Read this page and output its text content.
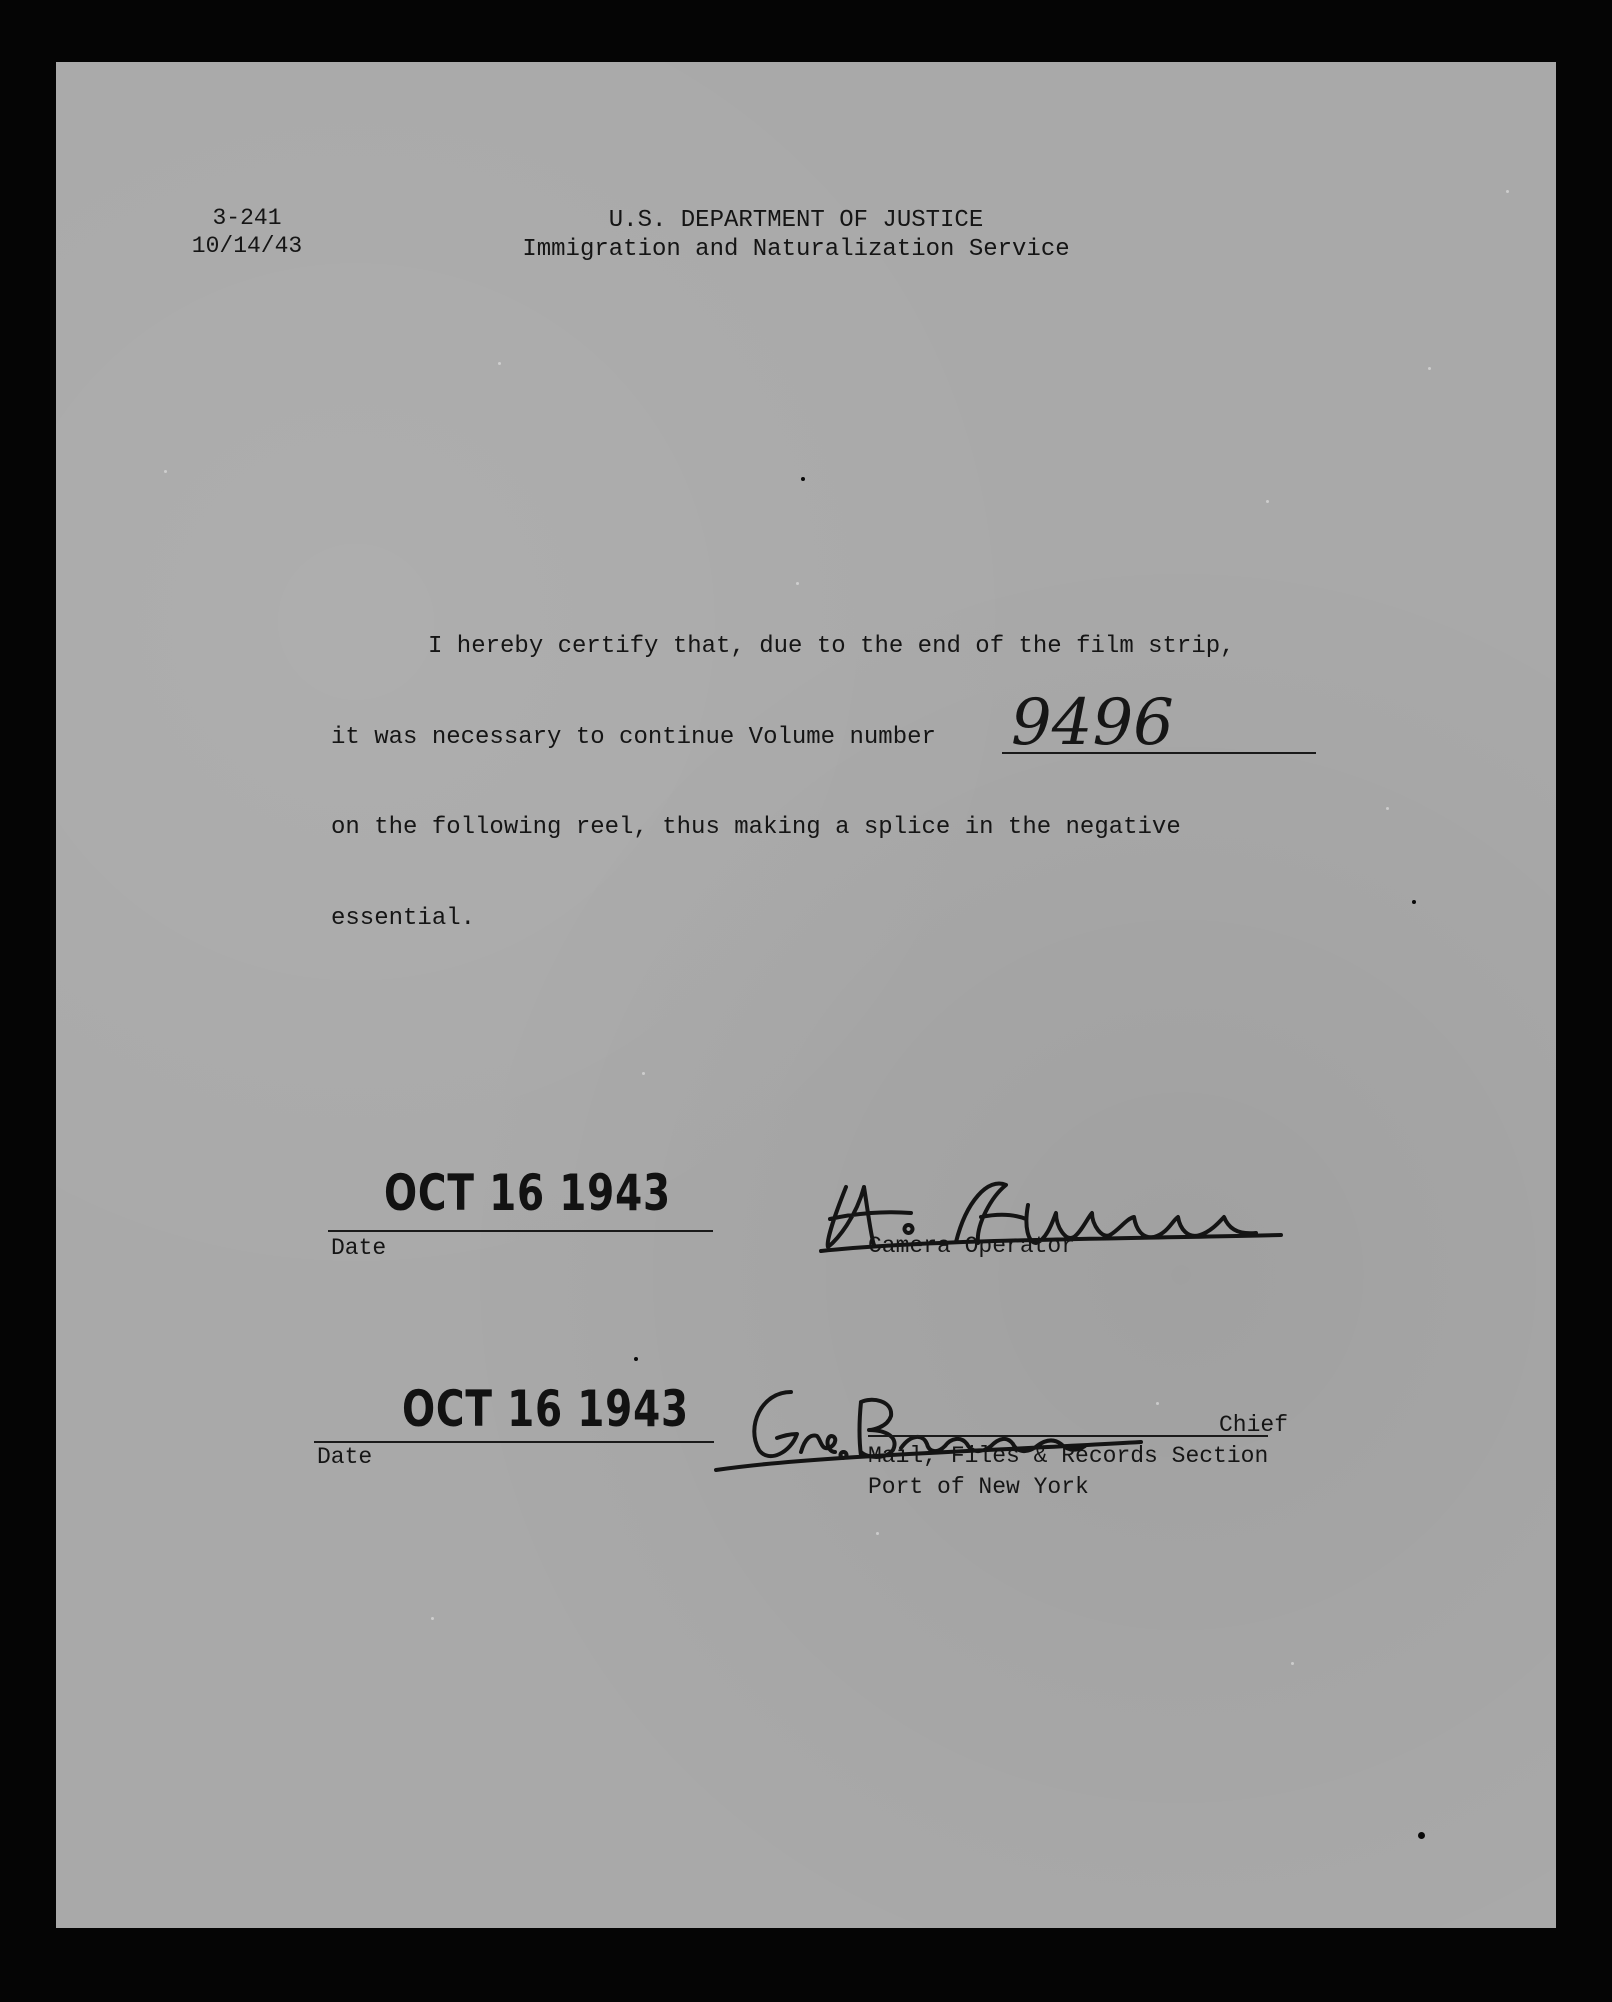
3-241
10/14/43
U.S. DEPARTMENT OF JUSTICE
Immigration and Naturalization Service
I hereby certify that, due to the end of the film strip,
it was necessary to continue Volume number 9496
on the following reel, thus making a splice in the negative
essential.
OCT 16 1943
Date	Camera Operator
OCT 16 1943
Date
Chief
Mail, Files & Records Section
Port of New York
